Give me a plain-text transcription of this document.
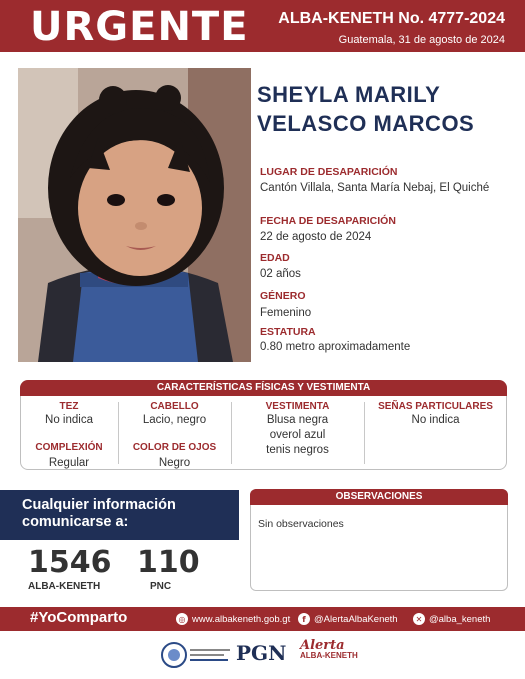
URGENTE ALBA-KENETH No. 4777-2024
Guatemala, 31 de agosto de 2024
SHEYLA MARILY
VELASCO MARCOS
LUGAR DE DESAPARICIÓN
Cantón Villala, Santa María Nebaj, El Quiché
FECHA DE DESAPARICIÓN
22 de agosto de 2024
EDAD
02 años
GÉNERO
Femenino
ESTATURA
0.80 metro aproximadamente
CARACTERÍSTICAS FÍSICAS Y VESTIMENTA
TEZ
No indica
CABELLO
Lacio, negro
VESTIMENTA
Blusa negra
overol azul
tenis negros
SEÑAS PARTICULARES
No indica
COMPLEXIÓN
Regular
COLOR DE OJOS
Negro
Cualquier información
comunicarse a:
1546
ALBA-KENETH
110
PNC
OBSERVACIONES
Sin observaciones
#YoComparto	◎ www.albakeneth.gob.gt	f @AlertaAlbaKeneth	✕ @alba_keneth
PGN Alerta
ALBA-KENETH
